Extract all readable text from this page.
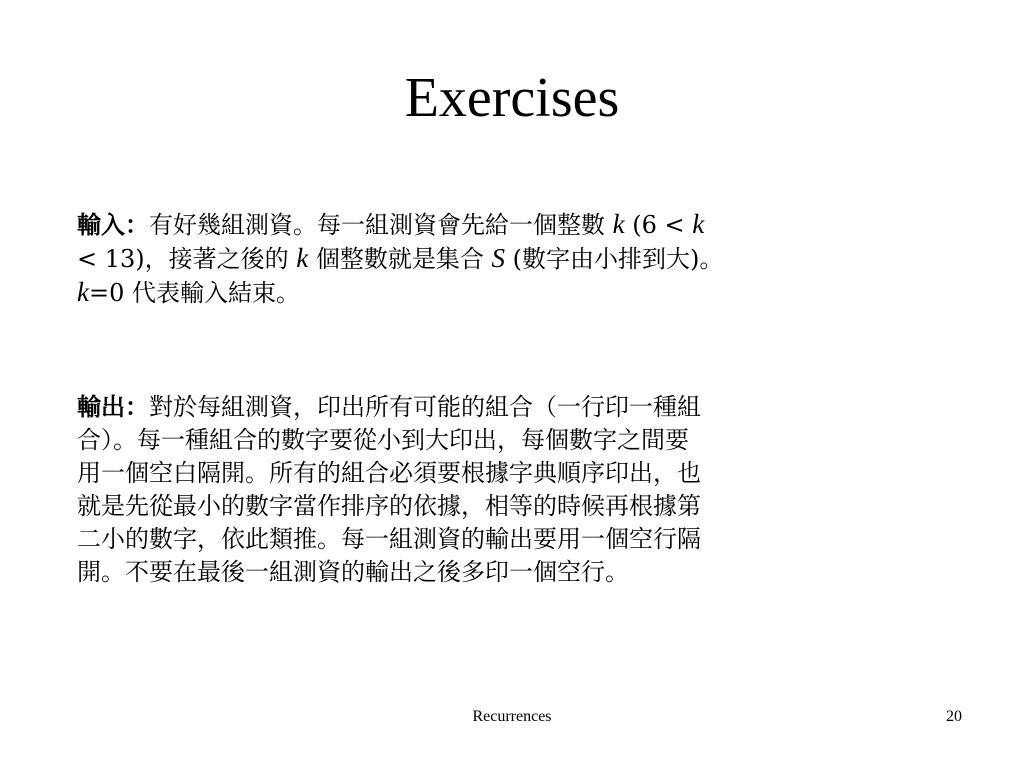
Exercises
輸入：有好幾組測資。每一組測資會先給一個整數 k (6 < k
< 13)，接著之後的 k 個整數就是集合 S (數字由小排到大)。
k=0 代表輸入結束。
輸出：對於每組測資，印出所有可能的組合（一行印一種組
合）。每一種組合的數字要從小到大印出，每個數字之間要
用一個空白隔開。所有的組合必須要根據字典順序印出，也
就是先從最小的數字當作排序的依據，相等的時候再根據第
二小的數字，依此類推。每一組測資的輸出要用一個空行隔
開。不要在最後一組測資的輸出之後多印一個空行。
Recurrences	20
